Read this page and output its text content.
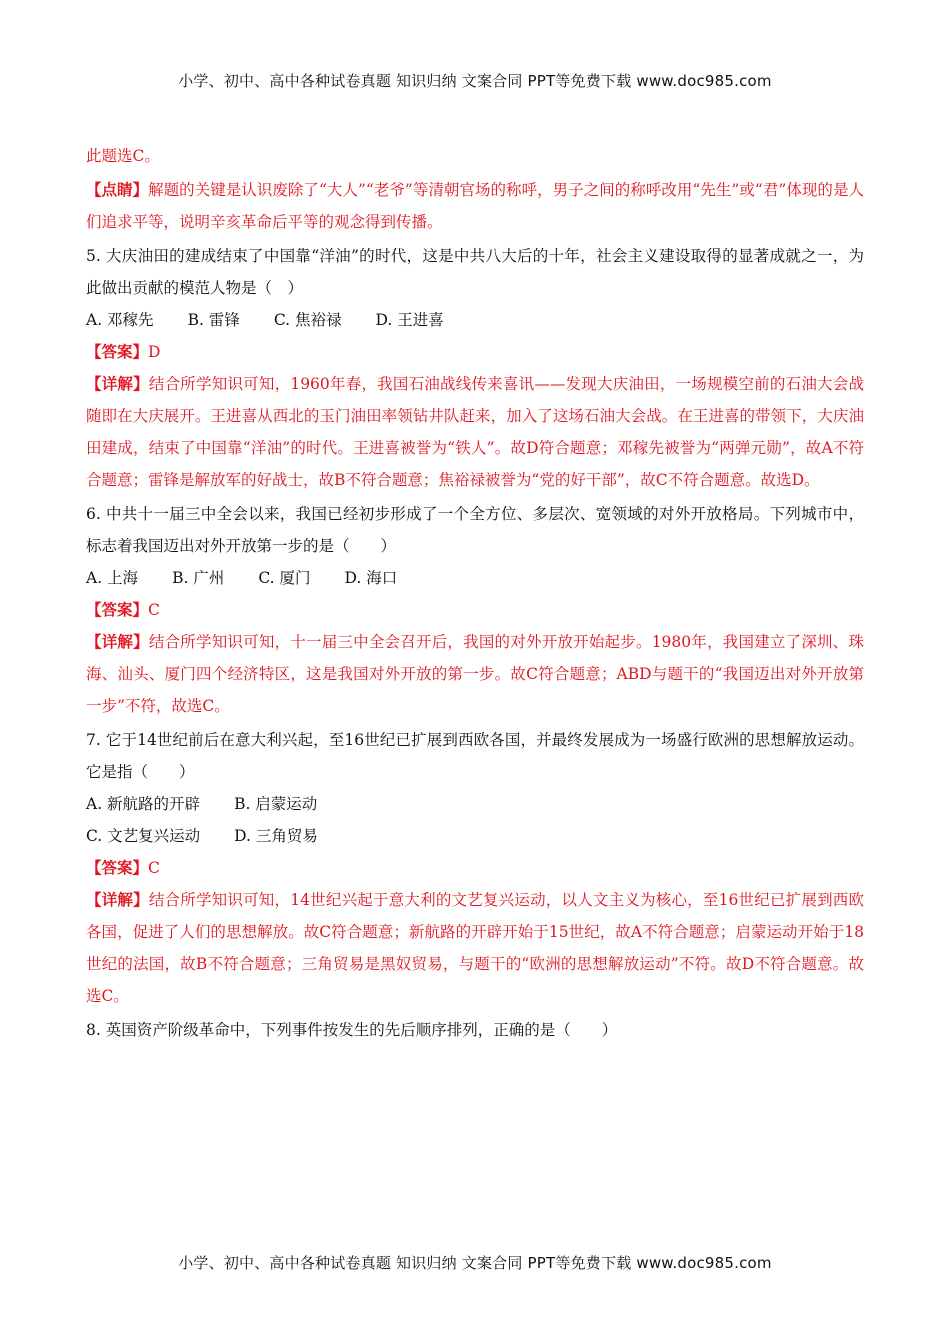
小学、初中、高中各种试卷真题 知识归纳 文案合同 PPT等免费下载 www.doc985.com

此题选C。

【点睛】解题的关键是认识废除了“大人”“老爷”等清朝官场的称呼，男子之间的称呼改用“先生”或“君”体现的是人们追求平等，说明辛亥革命后平等的观念得到传播。

5. 大庆油田的建成结束了中国靠“洋油”的时代，这是中共八大后的十年，社会主义建设取得的显著成就之一，为此做出贡献的模范人物是（　）

A. 邓稼先 B. 雷锋 C. 焦裕禄 D. 王进喜

【答案】D

【详解】结合所学知识可知，1960年春，我国石油战线传来喜讯——发现大庆油田，一场规模空前的石油大会战随即在大庆展开。王进喜从西北的玉门油田率领钻井队赶来，加入了这场石油大会战。在王进喜的带领下，大庆油田建成，结束了中国靠“洋油”的时代。王进喜被誉为“铁人”。故D符合题意；邓稼先被誉为“两弹元勋”，故A不符合题意；雷锋是解放军的好战士，故B不符合题意；焦裕禄被誉为“党的好干部”，故C不符合题意。故选D。

6. 中共十一届三中全会以来，我国已经初步形成了一个全方位、多层次、宽领域的对外开放格局。下列城市中，标志着我国迈出对外开放第一步的是（　　）

A. 上海 B. 广州 C. 厦门 D. 海口

【答案】C

【详解】结合所学知识可知，十一届三中全会召开后，我国的对外开放开始起步。1980年，我国建立了深圳、珠海、汕头、厦门四个经济特区，这是我国对外开放的第一步。故C符合题意；ABD与题干的“我国迈出对外开放第一步”不符，故选C。

7. 它于14世纪前后在意大利兴起，至16世纪已扩展到西欧各国，并最终发展成为一场盛行欧洲的思想解放运动。它是指（　　）

A. 新航路的开辟 B. 启蒙运动
C. 文艺复兴运动 D. 三角贸易

【答案】C

【详解】结合所学知识可知，14世纪兴起于意大利的文艺复兴运动，以人文主义为核心，至16世纪已扩展到西欧各国，促进了人们的思想解放。故C符合题意；新航路的开辟开始于15世纪，故A不符合题意；启蒙运动开始于18世纪的法国，故B不符合题意；三角贸易是黑奴贸易，与题干的“欧洲的思想解放运动”不符。故D不符合题意。故选C。

8. 英国资产阶级革命中，下列事件按发生的先后顺序排列，正确的是（　　）

小学、初中、高中各种试卷真题 知识归纳 文案合同 PPT等免费下载 www.doc985.com
